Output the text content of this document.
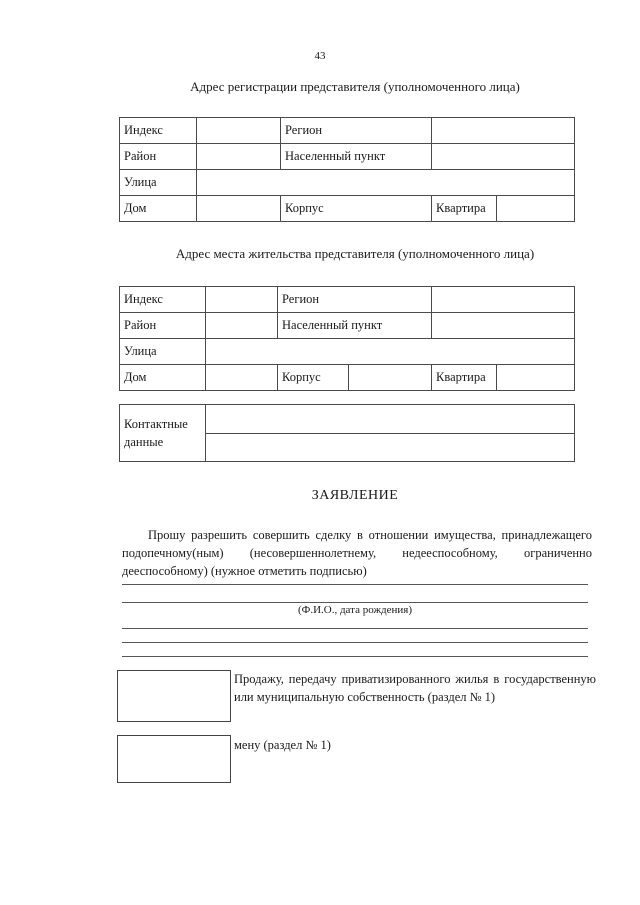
43
Адрес регистрации представителя (уполномоченного лица)
Индекс		Регион		
Район		Населенный пункт		
Улица				
Дом		Корпус	Квартира	
Адрес места жительства представителя (уполномоченного лица)
Индекс		Регион			
Район		Населенный пункт			
Улица					
Дом		Корпус		Квартира	
Контактные
данные	

ЗАЯВЛЕНИЕ
Прошу разрешить совершить сделку в отношении имущества, принадлежащего подопечному(ным) (несовершеннолетнему, недееспособному, ограниченно дееспособному) (нужное отметить подписью)
(Ф.И.О., дата рождения)
Продажу, передачу приватизированного жилья в государственную или муниципальную собственность (раздел № 1)
мену (раздел № 1)
